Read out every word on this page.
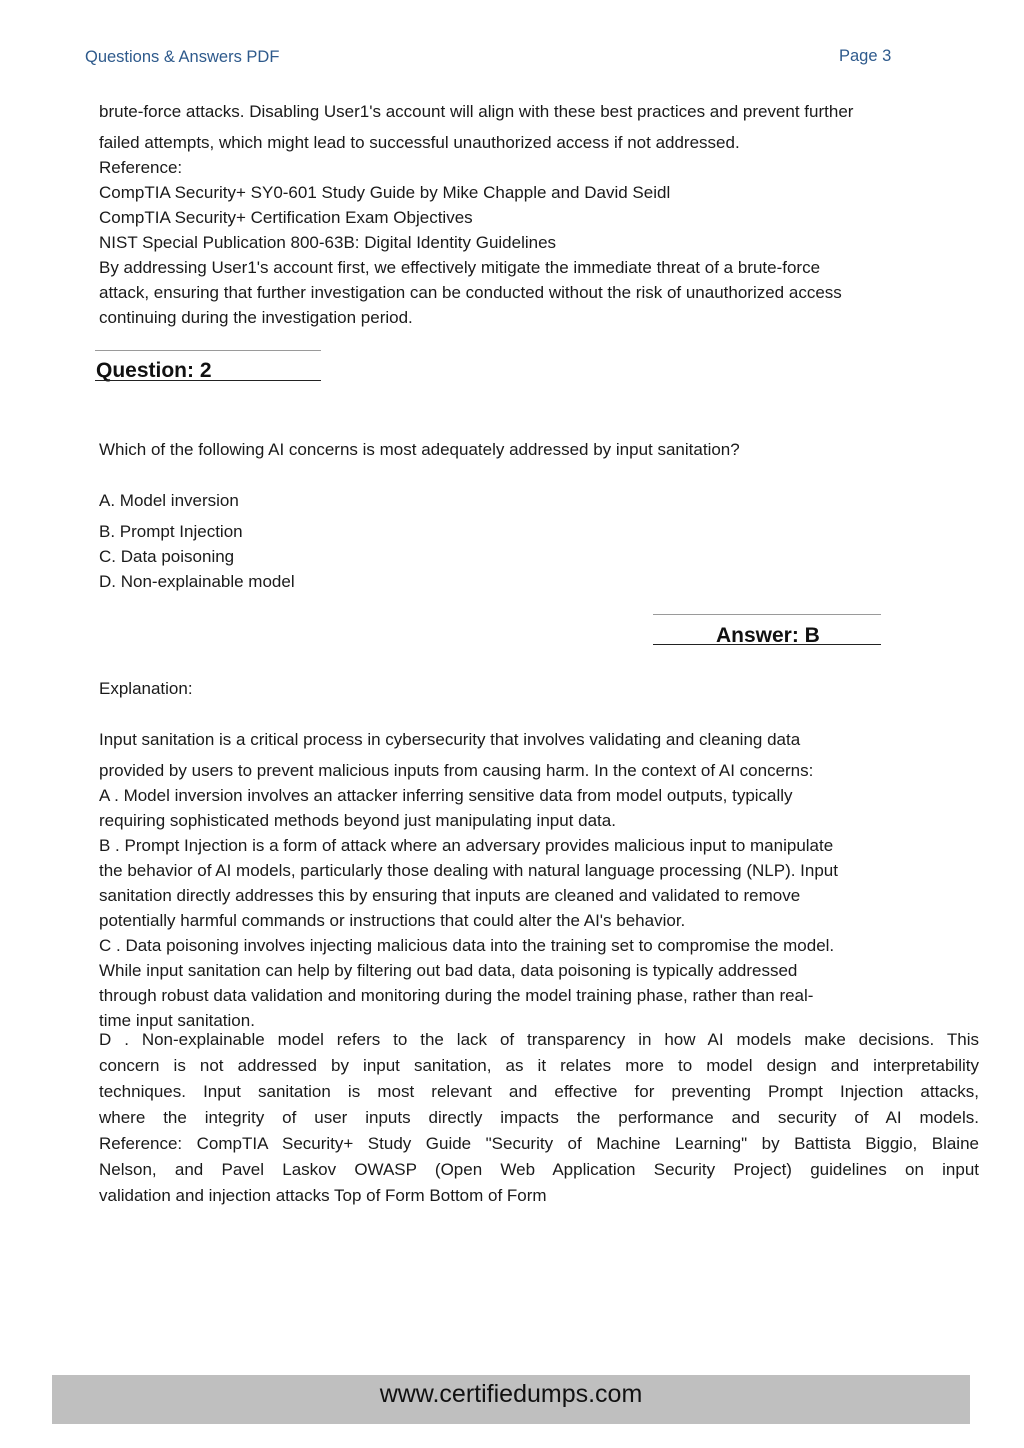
Questions & Answers PDF	Page 3
brute-force attacks. Disabling User1's account will align with these best practices and prevent further
failed attempts, which might lead to successful unauthorized access if not addressed.
Reference:
CompTIA Security+ SY0-601 Study Guide by Mike Chapple and David Seidl
CompTIA Security+ Certification Exam Objectives
NIST Special Publication 800-63B: Digital Identity Guidelines
By addressing User1's account first, we effectively mitigate the immediate threat of a brute-force
attack, ensuring that further investigation can be conducted without the risk of unauthorized access
continuing during the investigation period.
Question: 2
Which of the following AI concerns is most adequately addressed by input sanitation?
A. Model inversion
B. Prompt Injection
C. Data poisoning
D. Non-explainable model
Answer: B
Explanation:
Input sanitation is a critical process in cybersecurity that involves validating and cleaning data
provided by users to prevent malicious inputs from causing harm. In the context of AI concerns:
A . Model inversion involves an attacker inferring sensitive data from model outputs, typically
requiring sophisticated methods beyond just manipulating input data.
B . Prompt Injection is a form of attack where an adversary provides malicious input to manipulate
the behavior of AI models, particularly those dealing with natural language processing (NLP). Input
sanitation directly addresses this by ensuring that inputs are cleaned and validated to remove
potentially harmful commands or instructions that could alter the AI's behavior.
C . Data poisoning involves injecting malicious data into the training set to compromise the model.
While input sanitation can help by filtering out bad data, data poisoning is typically addressed
through robust data validation and monitoring during the model training phase, rather than real-
time input sanitation.
D . Non-explainable model refers to the lack of transparency in how AI models make decisions. This
concern is not addressed by input sanitation, as it relates more to model design and interpretability
techniques. Input sanitation is most relevant and effective for preventing Prompt Injection attacks,
where the integrity of user inputs directly impacts the performance and security of AI models.
Reference: CompTIA Security+ Study Guide "Security of Machine Learning" by Battista Biggio, Blaine
Nelson, and Pavel Laskov OWASP (Open Web Application Security Project) guidelines on input
validation and injection attacks Top of Form Bottom of Form
www.certifiedumps.com
